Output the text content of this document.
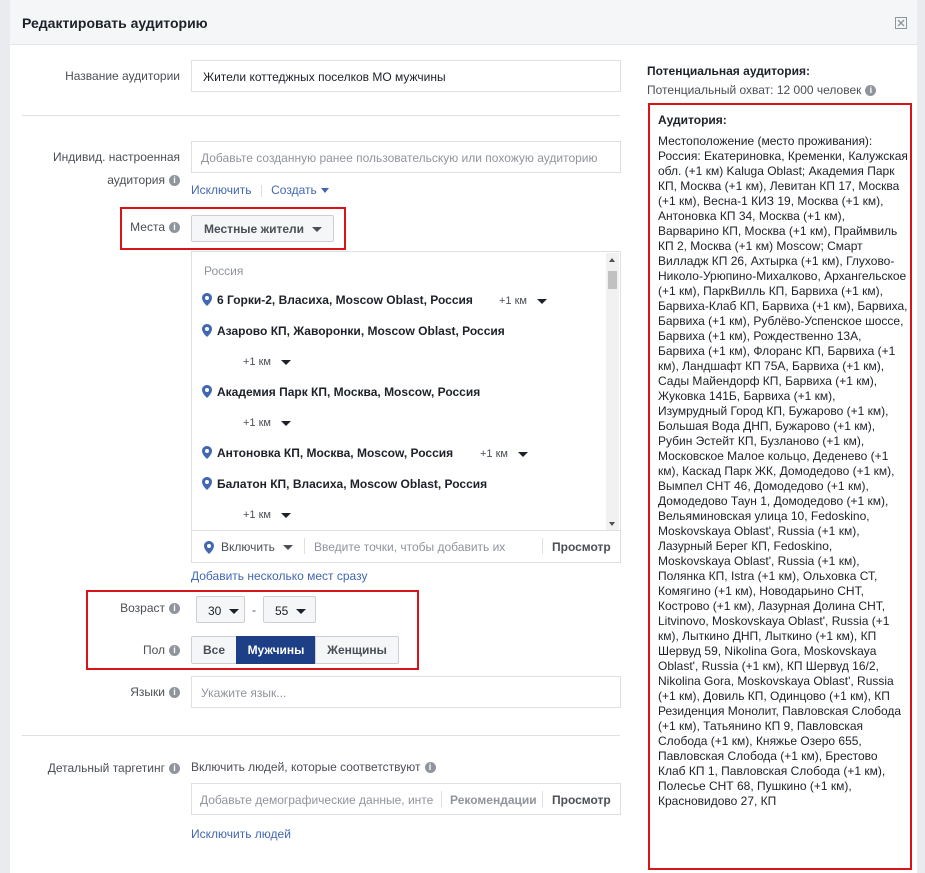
Редактировать аудиторию
Название аудитории	Жители коттеджных поселков МО мужчины
Индивид. настроенная
аудитория i
Добавьте созданную ранее пользовательскую или похожую аудиторию
Исключить Создать
Места i	Местные жители
Россия
6 Горки-2, Власиха, Moscow Oblast, Россия +1 км
Азарово КП, Жаворонки, Moscow Oblast, Россия
+1 км
Академия Парк КП, Москва, Moscow, Россия
+1 км
Антоновка КП, Москва, Moscow, Россия +1 км
Балатон КП, Власиха, Moscow Oblast, Россия
+1 км
Включить	Введите точки, чтобы добавить их	Просмотр
Добавить несколько мест сразу
Возраст i	30	-	55
Пол i	Все	Мужчины	Женщины
Языки i	Укажите язык...
Детальный таргетинг i	Включить людей, которые соответствуют i
Добавьте демографические данные, инте Рекомендации Просмотр
Исключить людей
Потенциальная аудитория:
Потенциальный охват: 12 000 человек i
Аудитория:
▪ Местоположение (место проживания):
◦ Россия: Екатериновка, Кременки, Калужская обл. (+1 км) Kaluga Oblast; Академия Парк КП, Москва (+1 км), Левитан КП 17, Москва (+1 км), Весна-1 КИЗ 19, Москва (+1 км), Антоновка КП 34, Москва (+1 км), Варварино КП, Москва (+1 км), Праймвиль КП 2, Москва (+1 км) Moscow; Смарт Вилладж КП 26, Ахтырка (+1 км), Глухово-Николо-Урюпино-Михалково, Архангельское (+1 км), ПаркВилль КП, Барвиха (+1 км), Барвиха-Клаб КП, Барвиха (+1 км), Барвиха, Барвиха (+1 км), Рублёво-Успенское шоссе, Барвиха (+1 км), Рождественно 13А, Барвиха (+1 км), Флоранс КП, Барвиха (+1 км), Ландшафт КП 75А, Барвиха (+1 км), Сады Майендорф КП, Барвиха (+1 км), Жуковка 141Б, Барвиха (+1 км), Изумрудный Город КП, Бужарово (+1 км), Большая Вода ДНП, Бужарово (+1 км), Рубин Эстейт КП, Бузланово (+1 км), Московское Малое кольцо, Деденево (+1 км), Каскад Парк ЖК, Домодедово (+1 км), Вымпел СНТ 46, Домодедово (+1 км), Домодедово Таун 1, Домодедово (+1 км), Вельяминовская улица 10, Fedoskino, Moskovskaya Oblast', Russia (+1 км), Лазурный Берег КП, Fedoskino, Moskovskaya Oblast', Russia (+1 км), Полянка КП, Istra (+1 км), Ольховка СТ, Комягино (+1 км), Новодарьино СНТ, Кострово (+1 км), Лазурная Долина СНТ, Litvinovo, Moskovskaya Oblast', Russia (+1 км), Лыткино ДНП, Лыткино (+1 км), КП Шервуд 59, Nikolina Gora, Moskovskaya Oblast', Russia (+1 км), КП Шервуд 16/2, Nikolina Gora, Moskovskaya Oblast', Russia (+1 км), Довиль КП, Одинцово (+1 км), КП Резиденция Монолит, Павловская Слобода (+1 км), Татьянино КП 9, Павловская Слобода (+1 км), Княжье Озеро 655, Павловская Слобода (+1 км), Брестово Клаб КП 1, Павловская Слобода (+1 км), Полесье СНТ 68, Пушкино (+1 км), Красновидово 27, КП
